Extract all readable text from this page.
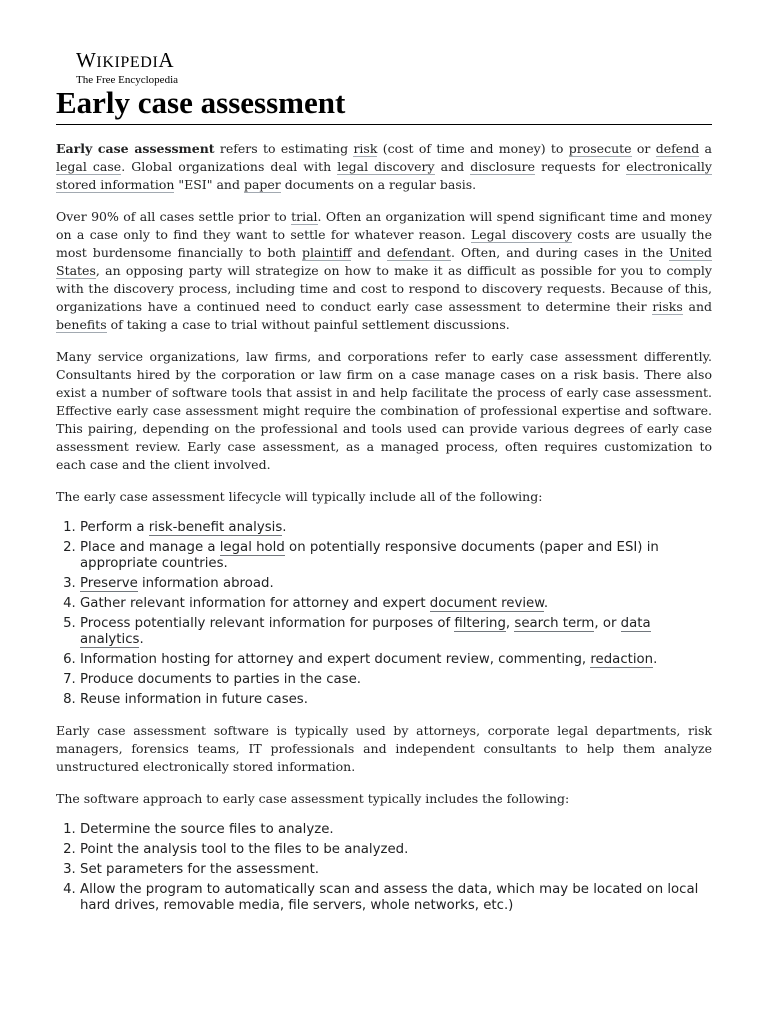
WIKIPEDIA
The Free Encyclopedia
Early case assessment

Early case assessment refers to estimating risk (cost of time and money) to prosecute or defend a legal case. Global organizations deal with legal discovery and disclosure requests for electronically stored information "ESI" and paper documents on a regular basis.

Over 90% of all cases settle prior to trial. Often an organization will spend significant time and money on a case only to find they want to settle for whatever reason. Legal discovery costs are usually the most burdensome financially to both plaintiff and defendant. Often, and during cases in the United States, an opposing party will strategize on how to make it as difficult as possible for you to comply with the discovery process, including time and cost to respond to discovery requests. Because of this, organizations have a continued need to conduct early case assessment to determine their risks and benefits of taking a case to trial without painful settlement discussions.

Many service organizations, law firms, and corporations refer to early case assessment differently. Consultants hired by the corporation or law firm on a case manage cases on a risk basis. There also exist a number of software tools that assist in and help facilitate the process of early case assessment. Effective early case assessment might require the combination of professional expertise and software. This pairing, depending on the professional and tools used can provide various degrees of early case assessment review. Early case assessment, as a managed process, often requires customization to each case and the client involved.

The early case assessment lifecycle will typically include all of the following:

1. Perform a risk-benefit analysis.
2. Place and manage a legal hold on potentially responsive documents (paper and ESI) in appropriate countries.
3. Preserve information abroad.
4. Gather relevant information for attorney and expert document review.
5. Process potentially relevant information for purposes of filtering, search term, or data analytics.
6. Information hosting for attorney and expert document review, commenting, redaction.
7. Produce documents to parties in the case.
8. Reuse information in future cases.

Early case assessment software is typically used by attorneys, corporate legal departments, risk managers, forensics teams, IT professionals and independent consultants to help them analyze unstructured electronically stored information.

The software approach to early case assessment typically includes the following:

1. Determine the source files to analyze.
2. Point the analysis tool to the files to be analyzed.
3. Set parameters for the assessment.
4. Allow the program to automatically scan and assess the data, which may be located on local hard drives, removable media, file servers, whole networks, etc.)
